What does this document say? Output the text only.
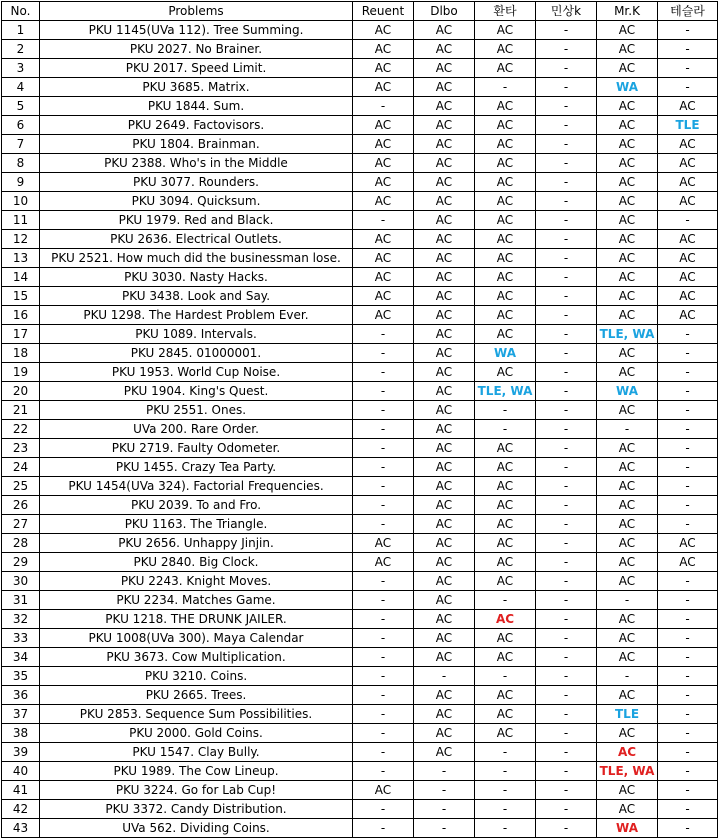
No.	Problems	Reuent	Dlbo	환타	민상k	Mr.K	테슬라
1	PKU 1145(UVa 112). Tree Summing.	AC	AC	AC	-	AC	-
2	PKU 2027. No Brainer.	AC	AC	AC	-	AC	-
3	PKU 2017. Speed Limit.	AC	AC	AC	-	AC	-
4	PKU 3685. Matrix.	AC	AC	-	-	WA	-
5	PKU 1844. Sum.	-	AC	AC	-	AC	AC
6	PKU 2649. Factovisors.	AC	AC	AC	-	AC	TLE
7	PKU 1804. Brainman.	AC	AC	AC	-	AC	AC
8	PKU 2388. Who's in the Middle	AC	AC	AC	-	AC	AC
9	PKU 3077. Rounders.	AC	AC	AC	-	AC	AC
10	PKU 3094. Quicksum.	AC	AC	AC	-	AC	AC
11	PKU 1979. Red and Black.	-	AC	AC	-	AC	-
12	PKU 2636. Electrical Outlets.	AC	AC	AC	-	AC	AC
13	PKU 2521. How much did the businessman lose.	AC	AC	AC	-	AC	AC
14	PKU 3030. Nasty Hacks.	AC	AC	AC	-	AC	AC
15	PKU 3438. Look and Say.	AC	AC	AC	-	AC	AC
16	PKU 1298. The Hardest Problem Ever.	AC	AC	AC	-	AC	AC
17	PKU 1089. Intervals.	-	AC	AC	-	TLE, WA	-
18	PKU 2845. 01000001.	-	AC	WA	-	AC	-
19	PKU 1953. World Cup Noise.	-	AC	AC	-	AC	-
20	PKU 1904. King's Quest.	-	AC	TLE, WA	-	WA	-
21	PKU 2551. Ones.	-	AC	-	-	AC	-
22	UVa 200. Rare Order.	-	AC	-	-	-	-
23	PKU 2719. Faulty Odometer.	-	AC	AC	-	AC	-
24	PKU 1455. Crazy Tea Party.	-	AC	AC	-	AC	-
25	PKU 1454(UVa 324). Factorial Frequencies.	-	AC	AC	-	AC	-
26	PKU 2039. To and Fro.	-	AC	AC	-	AC	-
27	PKU 1163. The Triangle.	-	AC	AC	-	AC	-
28	PKU 2656. Unhappy Jinjin.	AC	AC	AC	-	AC	AC
29	PKU 2840. Big Clock.	AC	AC	AC	-	AC	AC
30	PKU 2243. Knight Moves.	-	AC	AC	-	AC	-
31	PKU 2234. Matches Game.	-	AC	-	-	-	-
32	PKU 1218. THE DRUNK JAILER.	-	AC	AC	-	AC	-
33	PKU 1008(UVa 300). Maya Calendar	-	AC	AC	-	AC	-
34	PKU 3673. Cow Multiplication.	-	AC	AC	-	AC	-
35	PKU 3210. Coins.	-	-	-	-	-	-
36	PKU 2665. Trees.	-	AC	AC	-	AC	-
37	PKU 2853. Sequence Sum Possibilities.	-	AC	AC	-	TLE	-
38	PKU 2000. Gold Coins.	-	AC	AC	-	AC	-
39	PKU 1547. Clay Bully.	-	AC	-	-	AC	-
40	PKU 1989. The Cow Lineup.	-	-	-	-	TLE, WA	-
41	PKU 3224. Go for Lab Cup!	AC	-	-	-	AC	-
42	PKU 3372. Candy Distribution.	-	-	-	-	AC	-
43	UVa 562. Dividing Coins.	-	-	-	-	WA	-
